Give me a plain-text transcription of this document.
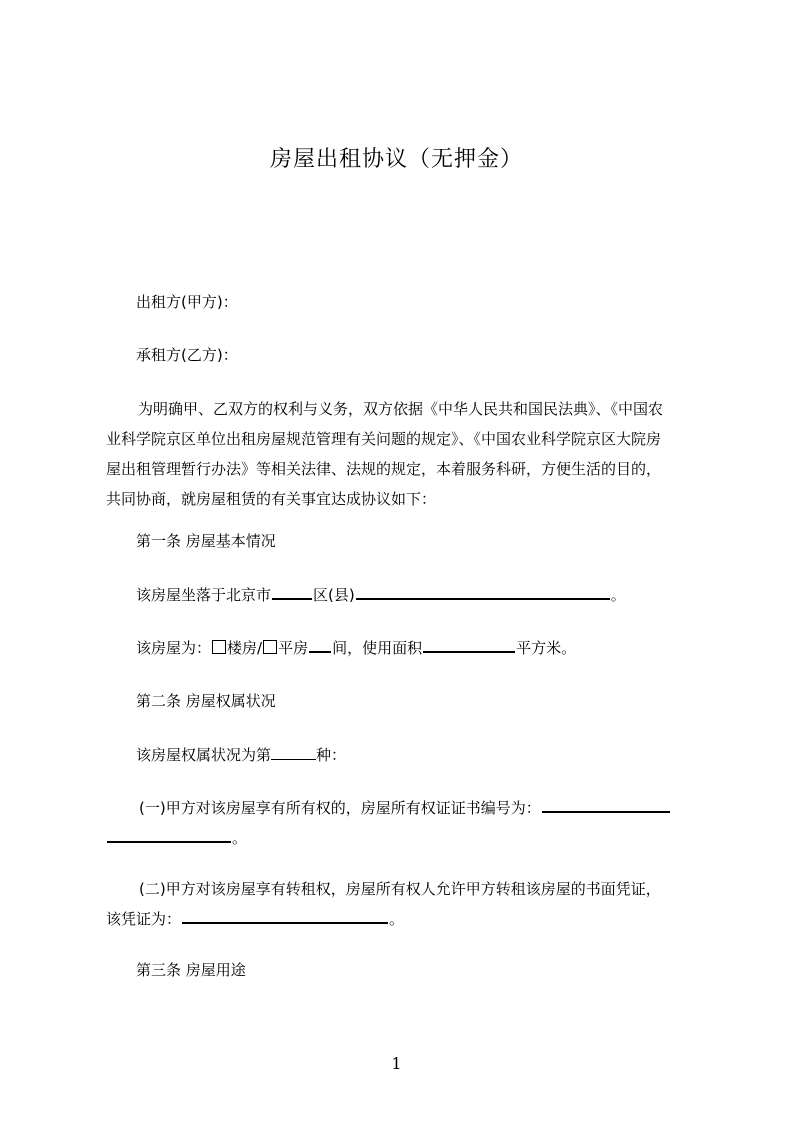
房屋出租协议（无押金）
出租方(甲方)：
承租方(乙方)：
为明确甲、乙双方的权利与义务，双方依据《中华人民共和国民法典》、《中国农
业科学院京区单位出租房屋规范管理有关问题的规定》、《中国农业科学院京区大院房
屋出租管理暂行办法》等相关法律、法规的规定，本着服务科研，方便生活的目的，
共同协商，就房屋租赁的有关事宜达成协议如下：
第一条 房屋基本情况
该房屋坐落于北京市	区(县)	。
该房屋为： 楼房/ 平房 间，使用面积	平方米。
第二条 房屋权属状况
该房屋权属状况为第	种：
(一)甲方对该房屋享有所有权的，房屋所有权证证书编号为：
。
(二)甲方对该房屋享有转租权，房屋所有权人允许甲方转租该房屋的书面凭证，
该凭证为：	。
第三条 房屋用途
1
